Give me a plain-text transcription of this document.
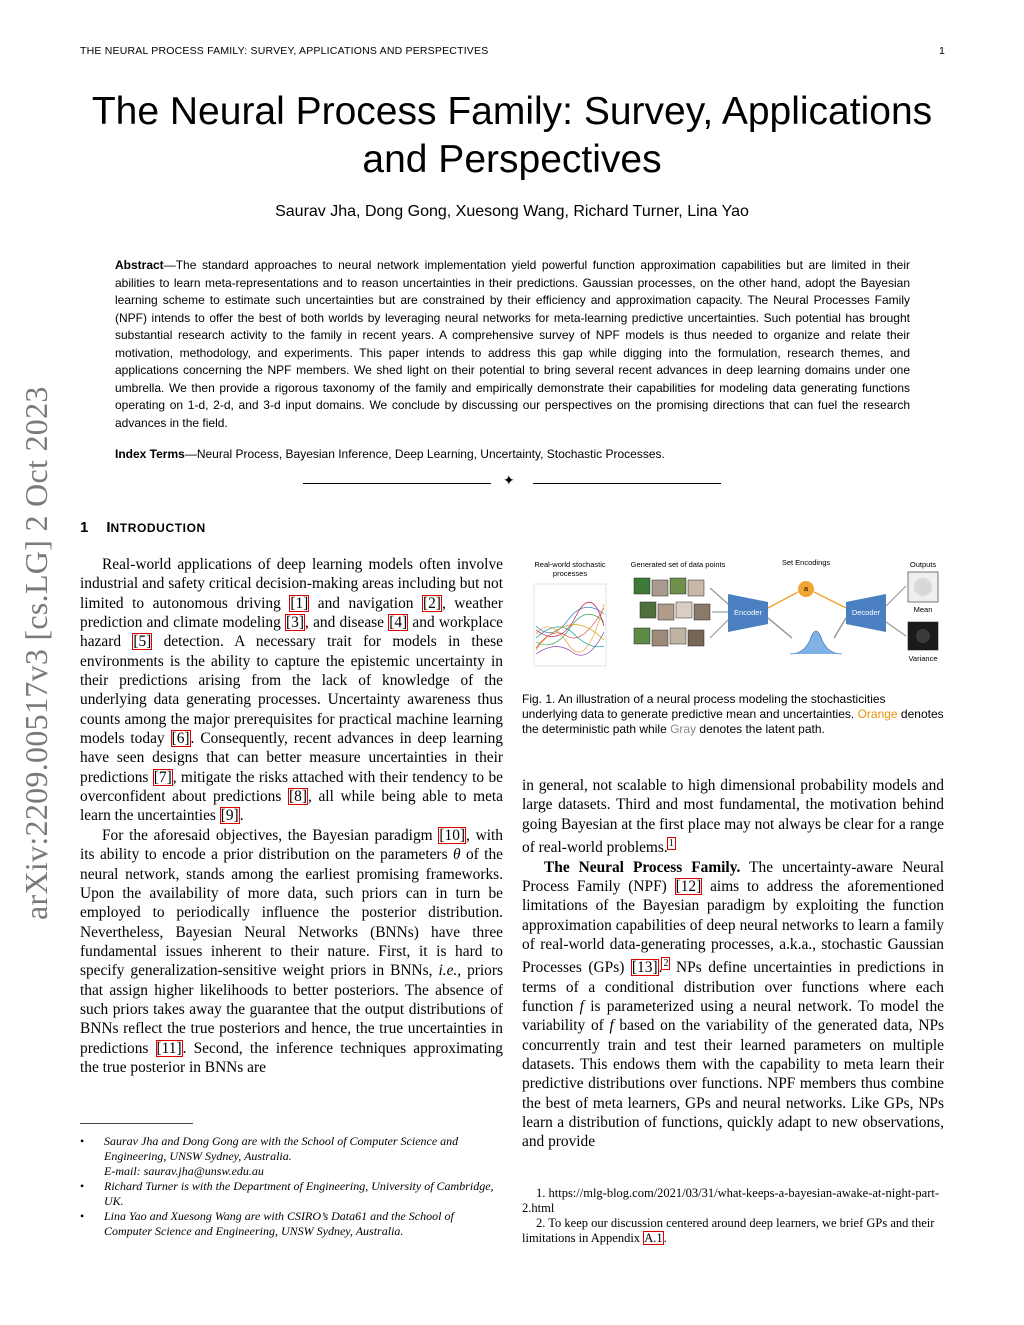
THE NEURAL PROCESS FAMILY: SURVEY, APPLICATIONS AND PERSPECTIVES	1
The Neural Process Family: Survey, Applications
and Perspectives
Saurav Jha, Dong Gong, Xuesong Wang, Richard Turner, Lina Yao
Abstract—The standard approaches to neural network implementation yield powerful function approximation capabilities but are limited in their abilities to learn meta-representations and to reason uncertainties in their predictions. Gaussian processes, on the other hand, adopt the Bayesian learning scheme to estimate such uncertainties but are constrained by their efficiency and approximation capacity. The Neural Processes Family (NPF) intends to offer the best of both worlds by leveraging neural networks for meta-learning predictive uncertainties. Such potential has brought substantial research activity to the family in recent years. A comprehensive survey of NPF models is thus needed to organize and relate their motivation, methodology, and experiments. This paper intends to address this gap while digging into the formulation, research themes, and applications concerning the NPF members. We shed light on their potential to bring several recent advances in deep learning domains under one umbrella. We then provide a rigorous taxonomy of the family and empirically demonstrate their capabilities for modeling data generating functions operating on 1-d, 2-d, and 3-d input domains. We conclude by discussing our perspectives on the promising directions that can fuel the research advances in the field.
Index Terms—Neural Process, Bayesian Inference, Deep Learning, Uncertainty, Stochastic Processes.
✦
1 INTRODUCTION

Real-world applications of deep learning models often involve industrial and safety critical decision-making areas including but not limited to autonomous driving [1] and navigation [2], weather prediction and climate modeling [3], and disease [4] and workplace hazard [5] detection. A necessary trait for models in these environments is the ability to capture the epistemic uncertainty in their predictions arising from the lack of knowledge of the underlying data generating processes. Uncertainty awareness thus counts among the major prerequisites for practical machine learning models today [6]. Consequently, recent advances in deep learning have seen designs that can better measure uncertainties in their predictions [7], mitigate the risks attached with their tendency to be overconfident about predictions [8], all while being able to meta learn the uncertainties [9].

For the aforesaid objectives, the Bayesian paradigm [10], with its ability to encode a prior distribution on the parameters θ of the neural network, stands among the earliest promising frameworks. Upon the availability of more data, such priors can in turn be employed to periodically influence the posterior distribution. Nevertheless, Bayesian Neural Networks (BNNs) have three fundamental issues inherent to their nature. First, it is hard to specify generalization-sensitive weight priors in BNNs, i.e., priors that assign higher likelihoods to better posteriors. The absence of such priors takes away the guarantee that the output distributions of BNNs reflect the true posteriors and hence, the true uncertainties in predictions [11]. Second, the inference techniques approximating the true posterior in BNNs are

• Saurav Jha and Dong Gong are with the School of Computer Science and Engineering, UNSW Sydney, Australia.
E-mail: saurav.jha@unsw.edu.au
• Richard Turner is with the Department of Engineering, University of Cambridge, UK.
• Lina Yao and Xuesong Wang are with CSIRO’s Data61 and the School of Computer Science and Engineering, UNSW Sydney, Australia.
Real-world stochastic processes
Generated set of data points	Set Encodings	Outputs
Encoder	Decoder
a
Mean
Variance
Fig. 1. An illustration of a neural process modeling the stochasticities underlying data to generate predictive mean and uncertainties. Orange denotes the deterministic path while Gray denotes the latent path.

in general, not scalable to high dimensional probability models and large datasets. Third and most fundamental, the motivation behind going Bayesian at the first place may not always be clear for a range of real-world problems.$^1$

The Neural Process Family. The uncertainty-aware Neural Process Family (NPF) [12] aims to address the aforementioned limitations of the Bayesian paradigm by exploiting the function approximation capabilities of deep neural networks to learn a family of real-world data-generating processes, a.k.a., stochastic Gaussian Processes (GPs) [13].$^2$ NPs define uncertainties in predictions in terms of a conditional distribution over functions where each function f is parameterized using a neural network. To model the variability of f based on the variability of the generated data, NPs concurrently train and test their learned parameters on multiple datasets. This endows them with the capability to meta learn their predictive distributions over functions. NPF members thus combine the best of meta learners, GPs and neural networks. Like GPs, NPs learn a distribution of functions, quickly adapt to new observations, and provide

1. https://mlg-blog.com/2021/03/31/what-keeps-a-bayesian-awake-at-night-part-2.html

2. To keep our discussion centered around deep learners, we brief GPs and their limitations in Appendix A.1.

arXiv:2209.00517v3 [cs.LG] 2 Oct 2023
